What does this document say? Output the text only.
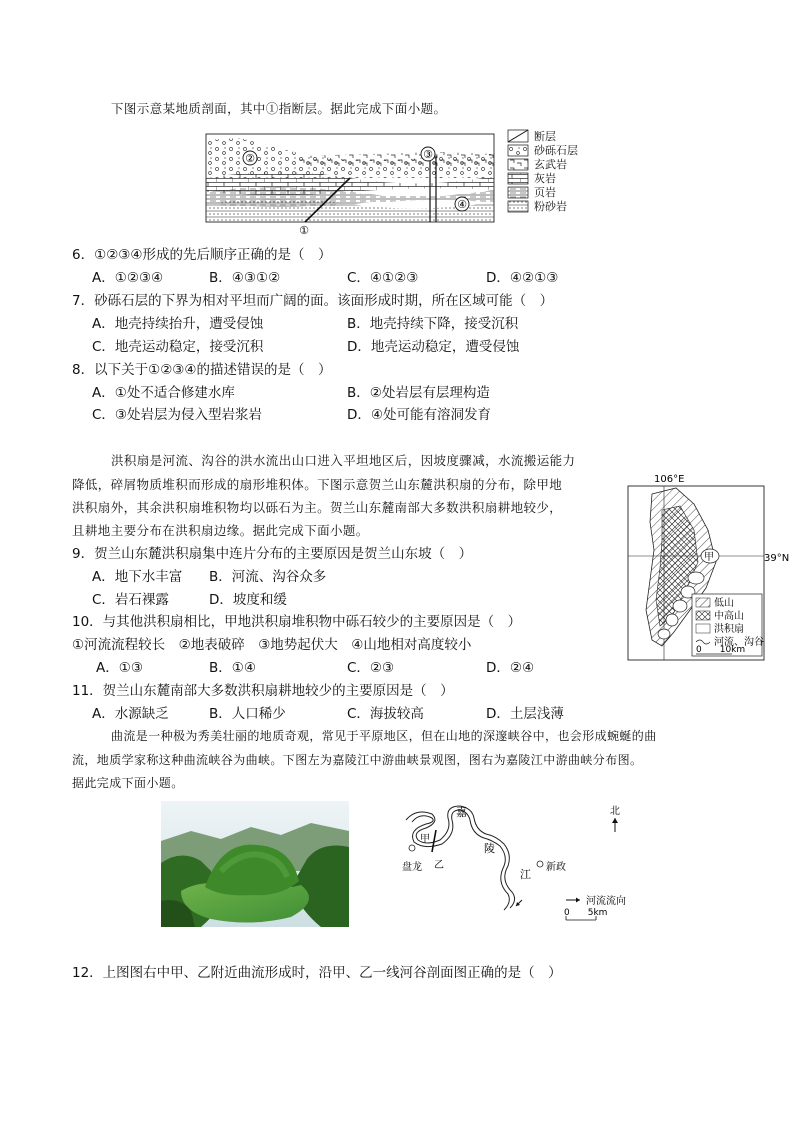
下图示意某地质剖面，其中①指断层。据此完成下面小题。
②	③
④
①
断层
砂砾石层
玄武岩
灰岩
页岩
粉砂岩
6．①②③④形成的先后顺序正确的是（　）
A．①②③④	B．④③①②	C．④①②③	D．④②①③
7．砂砾石层的下界为相对平坦而广阔的面。该面形成时期，所在区域可能（　）
A．地壳持续抬升，遭受侵蚀	B．地壳持续下降，接受沉积
C．地壳运动稳定，接受沉积	D．地壳运动稳定，遭受侵蚀
8．以下关于①②③④的描述错误的是（　）
A．①处不适合修建水库	B．②处岩层有层理构造
C．③处岩层为侵入型岩浆岩	D．④处可能有溶洞发育
洪积扇是河流、沟谷的洪水流出山口进入平坦地区后，因坡度骤减，水流搬运能力
降低，碎屑物质堆积而形成的扇形堆积体。下图示意贺兰山东麓洪积扇的分布，除甲地
洪积扇外，其余洪积扇堆积物均以砾石为主。贺兰山东麓南部大多数洪积扇耕地较少，
且耕地主要分布在洪积扇边缘。据此完成下面小题。
106°E
39°N
甲
低山
中高山
洪积扇
河流、沟谷
0　　10km
9．贺兰山东麓洪积扇集中连片分布的主要原因是贺兰山东坡（　）
A．地下水丰富 B．河流、沟谷众多
C．岩石裸露	D．坡度和缓
10．与其他洪积扇相比，甲地洪积扇堆积物中砾石较少的主要原因是（　）
①河流流程较长　②地表破碎　③地势起伏大　④山地相对高度较小
A．①③	B．①④	C．②③	D．②④
11．贺兰山东麓南部大多数洪积扇耕地较少的主要原因是（　）
A．水源缺乏	B．人口稀少	C．海拔较高	D．土层浅薄
曲流是一种极为秀美壮丽的地质奇观，常见于平原地区，但在山地的深邃峡谷中，也会形成蜿蜒的曲
流，地质学家称这种曲流峡谷为曲峡。下图左为嘉陵江中游曲峡景观图，图右为嘉陵江中游曲峡分布图。
据此完成下面小题。
嘉
陵
江
甲
乙
盘龙	新政
北
河流流向
0　　5km
12．上图图右中甲、乙附近曲流形成时，沿甲、乙一线河谷剖面图正确的是（　）
